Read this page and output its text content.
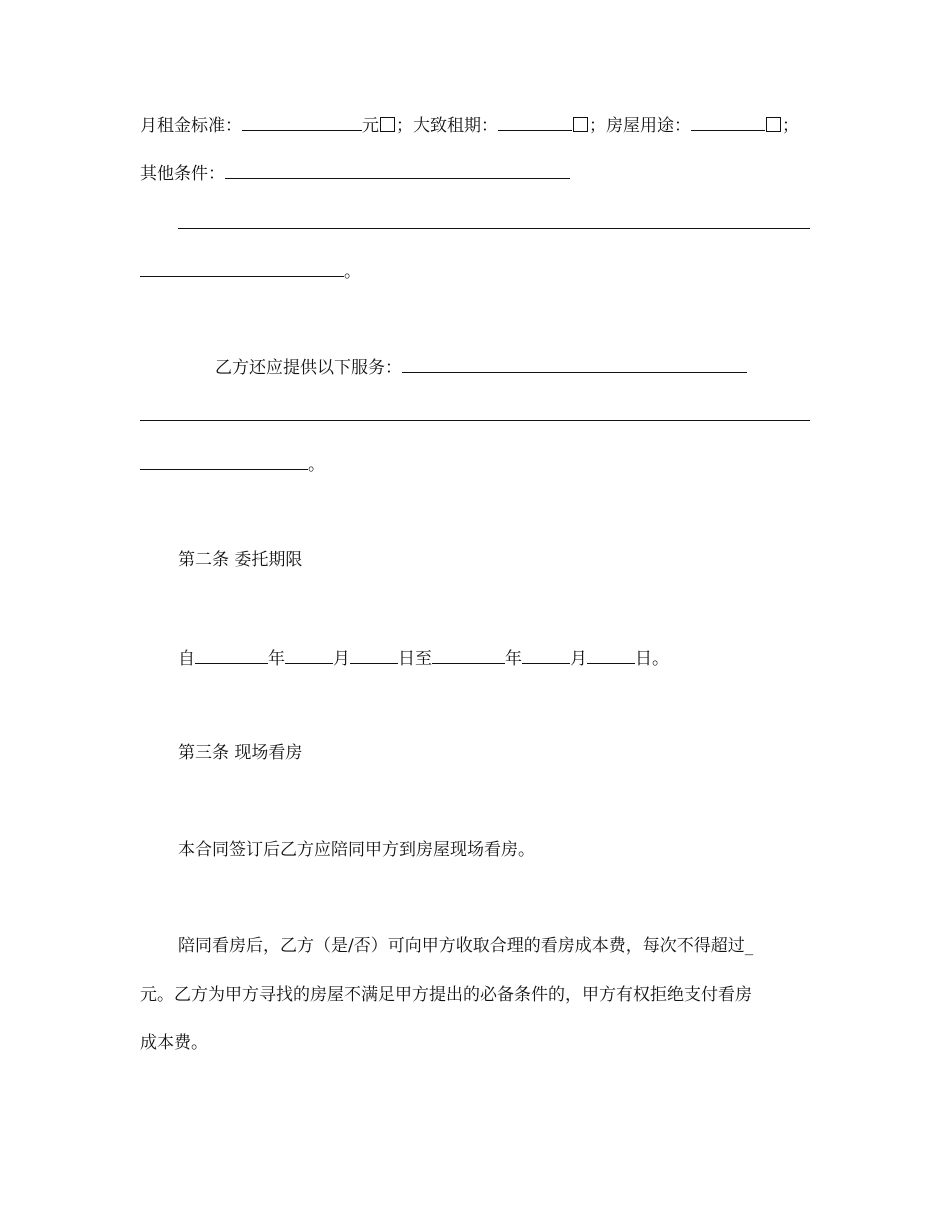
月租金标准：	元 ；大致租期：	；房屋用途：	；
其他条件：
。
乙方还应提供以下服务：
。
第二条 委托期限
自	年	月	日至	年	月	日。
第三条 现场看房
本合同签订后乙方应陪同甲方到房屋现场看房。
陪同看房后，乙方（是/否）可向甲方收取合理的看房成本费，每次不得超过_
元。乙方为甲方寻找的房屋不满足甲方提出的必备条件的，甲方有权拒绝支付看房
成本费。
